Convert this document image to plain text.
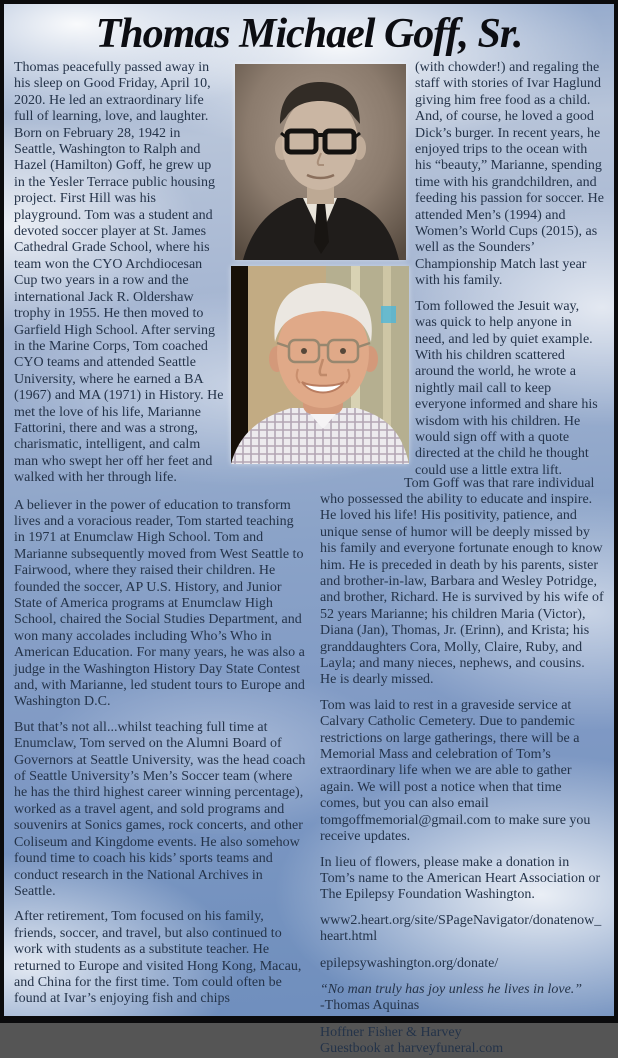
Thomas Michael Goff, Sr.

Thomas peacefully passed away in his sleep on Good Friday, April 10, 2020. He led an extraordinary life full of learning, love, and laughter. Born on February 28, 1942 in Seattle, Washington to Ralph and Hazel (Hamilton) Goff, he grew up in the Yesler Terrace public housing project. First Hill was his playground. Tom was a student and devoted soccer player at St. James Cathedral Grade School, where his team won the CYO Archdiocesan Cup two years in a row and the international Jack R. Oldershaw trophy in 1955. He then moved to Garfield High School. After serving in the Marine Corps, Tom coached CYO teams and attended Seattle University, where he earned a BA (1967) and MA (1971) in History. He met the love of his life, Marianne Fattorini, there and was a strong, charismatic, intelligent, and calm man who swept her off her feet and walked with her through life.

(with chowder!) and regaling the staff with stories of Ivar Haglund giving him free food as a child. And, of course, he loved a good Dick’s burger. In recent years, he enjoyed trips to the ocean with his “beauty,” Marianne, spending time with his grandchildren, and feeding his passion for soccer. He attended Men’s (1994) and Women’s World Cups (2015), as well as the Sounders’ Championship Match last year with his family.

Tom followed the Jesuit way, was quick to help anyone in need, and led by quiet example. With his children scattered around the world, he wrote a nightly mail call to keep everyone informed and share his wisdom with his children. He would sign off with a quote directed at the child he thought could use a little extra lift.

A believer in the power of education to transform lives and a voracious reader, Tom started teaching in 1971 at Enumclaw High School. Tom and Marianne subsequently moved from West Seattle to Fairwood, where they raised their children. He founded the soccer, AP U.S. History, and Junior State of America programs at Enumclaw High School, chaired the Social Studies Department, and won many accolades including Who’s Who in American Education. For many years, he was also a judge in the Washington History Day State Contest and, with Marianne, led student tours to Europe and Washington D.C.

But that’s not all...whilst teaching full time at Enumclaw, Tom served on the Alumni Board of Governors at Seattle University, was the head coach of Seattle University’s Men’s Soccer team (where he has the third highest career winning percentage), worked as a travel agent, and sold programs and souvenirs at Sonics games, rock concerts, and other Coliseum and Kingdome events. He also somehow found time to coach his kids’ sports teams and conduct research in the National Archives in Seattle.

After retirement, Tom focused on his family, friends, soccer, and travel, but also continued to work with students as a substitute teacher. He returned to Europe and visited Hong Kong, Macau, and China for the first time. Tom could often be found at Ivar’s enjoying fish and chips

Tom Goff was that rare individual who possessed the ability to educate and inspire. He loved his life! His positivity, patience, and unique sense of humor will be deeply missed by his family and everyone fortunate enough to know him. He is preceded in death by his parents, sister and brother-in-law, Barbara and Wesley Potridge, and brother, Richard. He is survived by his wife of 52 years Marianne; his children Maria (Victor), Diana (Jan), Thomas, Jr. (Erinn), and Krista; his granddaughters Cora, Molly, Claire, Ruby, and Layla; and many nieces, nephews, and cousins. He is dearly missed.

Tom was laid to rest in a graveside service at Calvary Catholic Cemetery. Due to pandemic restrictions on large gatherings, there will be a Memorial Mass and celebration of Tom’s extraordinary life when we are able to gather again. We will post a notice when that time comes, but you can also email tomgoffmemorial@gmail.com to make sure you receive updates.

In lieu of flowers, please make a donation in Tom’s name to the American Heart Association or The Epilepsy Foundation Washington.

www2.heart.org/site/SPageNavigator/donatenow_heart.html

epilepsywashington.org/donate/

“No man truly has joy unless he lives in love.”

-Thomas Aquinas

Hoffner Fisher & Harvey

Guestbook at harveyfuneral.com
